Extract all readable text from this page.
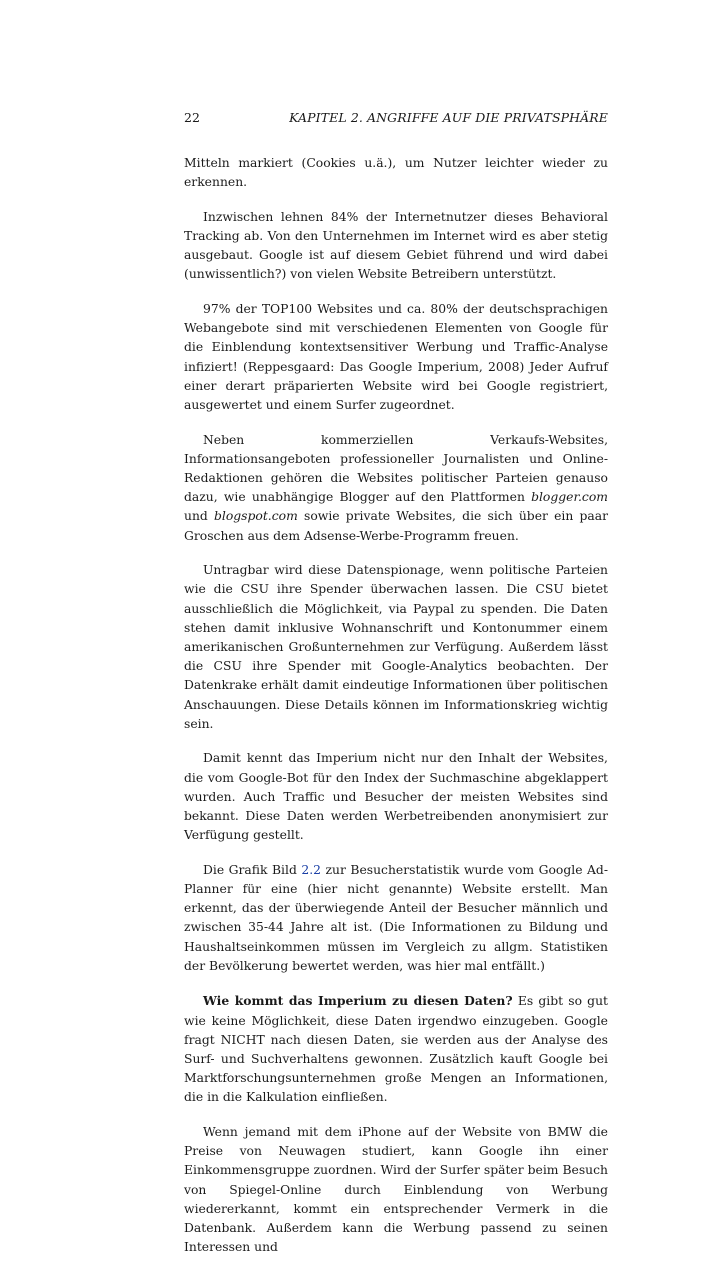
22	KAPITEL 2. ANGRIFFE AUF DIE PRIVATSPHÄRE

Mitteln markiert (Cookies u.ä.), um Nutzer leichter wieder zu erkennen.

Inzwischen lehnen 84% der Internetnutzer dieses Behavioral Tracking ab. Von den Unternehmen im Internet wird es aber stetig ausgebaut. Google ist auf diesem Gebiet führend und wird dabei (unwissentlich?) von vielen Website Betreibern unterstützt.

97% der TOP100 Websites und ca. 80% der deutschsprachigen Webangebote sind mit verschiedenen Elementen von Google für die Einblendung kontextsensitiver Werbung und Traffic-Analyse infiziert! (Reppesgaard: Das Google Imperium, 2008) Jeder Aufruf einer derart präparierten Website wird bei Google registriert, ausgewertet und einem Surfer zugeordnet.

Neben kommerziellen Verkaufs-Websites, Informationsangeboten professioneller Journalisten und Online-Redaktionen gehören die Websites politischer Parteien genauso dazu, wie unabhängige Blogger auf den Plattformen blogger.com und blogspot.com sowie private Websites, die sich über ein paar Groschen aus dem Adsense-Werbe-Programm freuen.

Untragbar wird diese Datenspionage, wenn politische Parteien wie die CSU ihre Spender überwachen lassen. Die CSU bietet ausschließlich die Möglichkeit, via Paypal zu spenden. Die Daten stehen damit inklusive Wohnanschrift und Kontonummer einem amerikanischen Großunternehmen zur Verfügung. Außerdem lässt die CSU ihre Spender mit Google-Analytics beobachten. Der Datenkrake erhält damit eindeutige Informationen über politischen Anschauungen. Diese Details können im Informationskrieg wichtig sein.

Damit kennt das Imperium nicht nur den Inhalt der Websites, die vom Google-Bot für den Index der Suchmaschine abgeklappert wurden. Auch Traffic und Besucher der meisten Websites sind bekannt. Diese Daten werden Werbetreibenden anonymisiert zur Verfügung gestellt.

Die Grafik Bild 2.2 zur Besucherstatistik wurde vom Google Ad-Planner für eine (hier nicht genannte) Website erstellt. Man erkennt, das der überwiegende Anteil der Besucher männlich und zwischen 35-44 Jahre alt ist. (Die Informationen zu Bildung und Haushaltseinkommen müssen im Vergleich zu allgm. Statistiken der Bevölkerung bewertet werden, was hier mal entfällt.)

Wie kommt das Imperium zu diesen Daten? Es gibt so gut wie keine Möglichkeit, diese Daten irgendwo einzugeben. Google fragt NICHT nach diesen Daten, sie werden aus der Analyse des Surf- und Suchverhaltens gewonnen. Zusätzlich kauft Google bei Marktforschungsunternehmen große Mengen an Informationen, die in die Kalkulation einfließen.

Wenn jemand mit dem iPhone auf der Website von BMW die Preise von Neuwagen studiert, kann Google ihn einer Einkommensgruppe zuordnen. Wird der Surfer später beim Besuch von Spiegel-Online durch Einblendung von Werbung wiedererkannt, kommt ein entsprechender Vermerk in die Datenbank. Außerdem kann die Werbung passend zu seinen Interessen und
